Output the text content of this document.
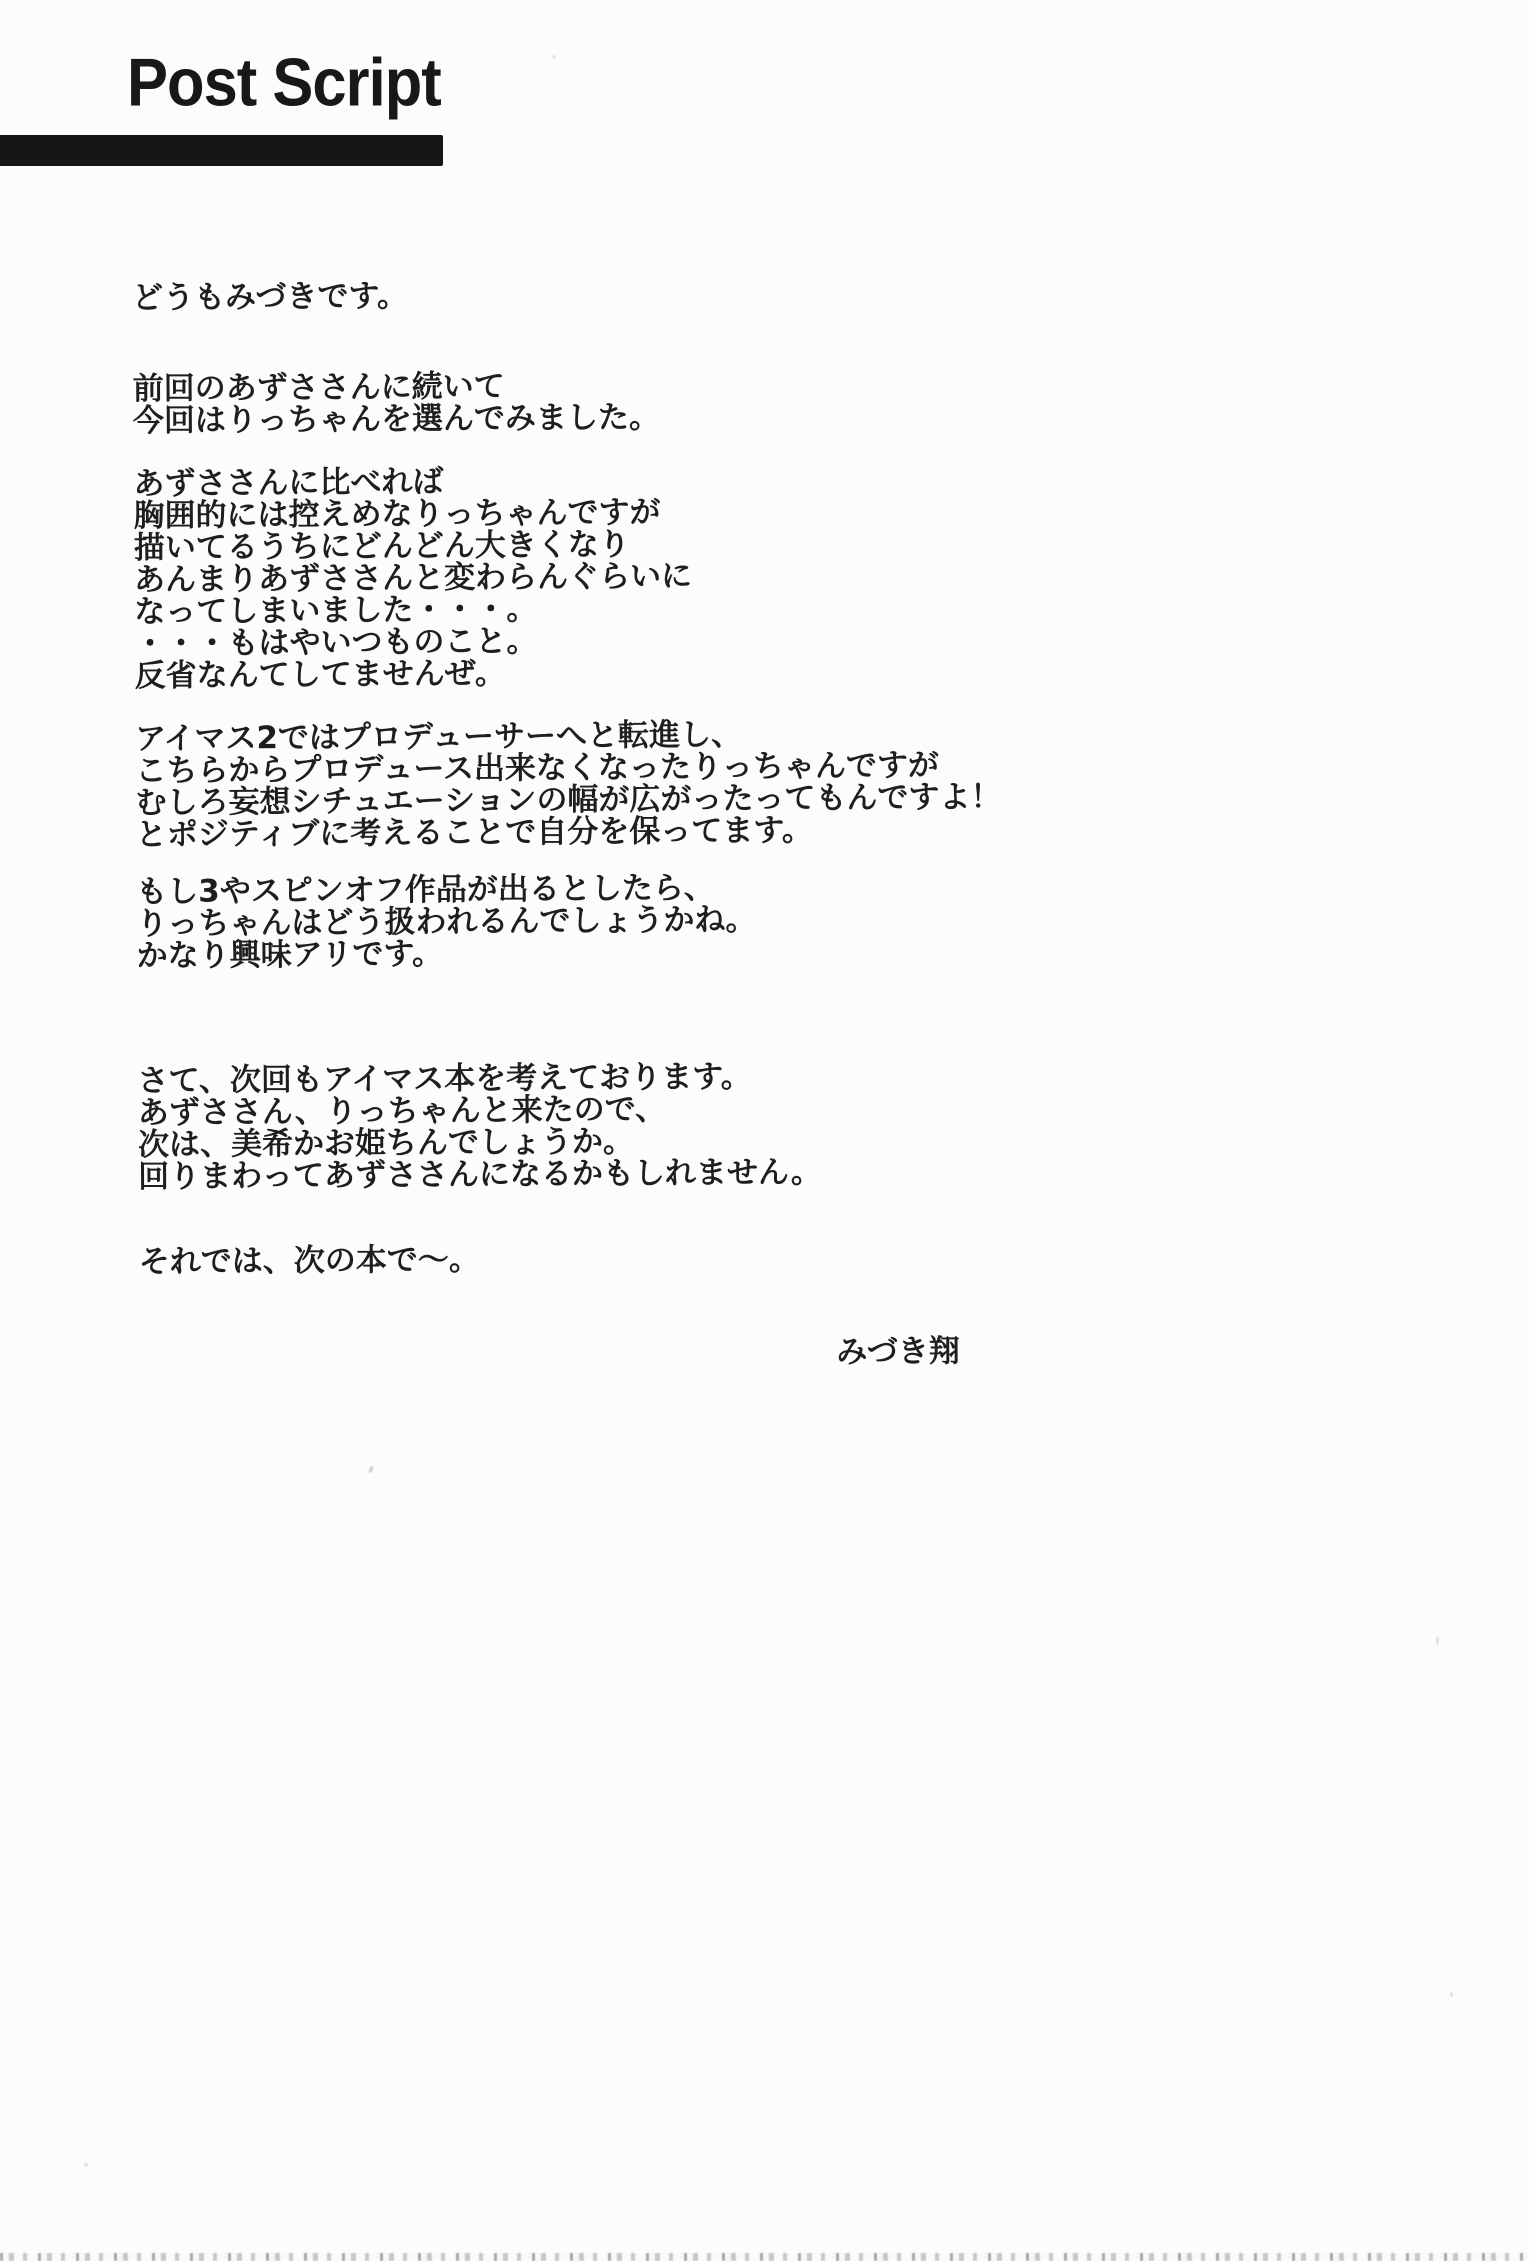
Post Script
どうもみづきです。
前回のあずささんに続いて
今回はりっちゃんを選んでみました。
あずささんに比べれば
胸囲的には控えめなりっちゃんですが
描いてるうちにどんどん大きくなり
あんまりあずささんと変わらんぐらいに
なってしまいました・・・。
・・・もはやいつものこと。
反省なんてしてませんぜ。
アイマス2ではプロデューサーへと転進し、
こちらからプロデュース出来なくなったりっちゃんですが
むしろ妄想シチュエーションの幅が広がったってもんですよ！
とポジティブに考えることで自分を保ってます。
もし3やスピンオフ作品が出るとしたら、
りっちゃんはどう扱われるんでしょうかね。
かなり興味アリです。
さて、次回もアイマス本を考えております。
あずささん、りっちゃんと来たので、
次は、美希かお姫ちんでしょうか。
回りまわってあずささんになるかもしれません。
それでは、次の本で～。
みづき翔
